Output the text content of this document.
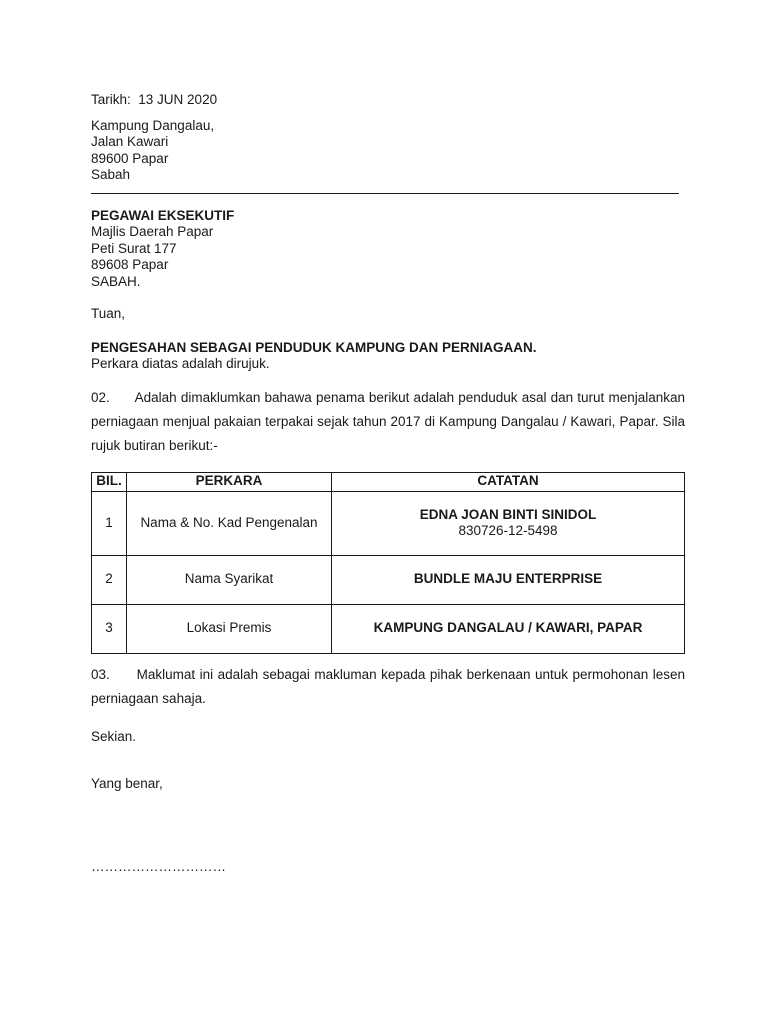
Tarikh: 13 JUN 2020

Kampung Dangalau,

Jalan Kawari

89600 Papar

Sabah

PEGAWAI EKSEKUTIF

Majlis Daerah Papar

Peti Surat 177

89608 Papar

SABAH.

Tuan,

PENGESAHAN SEBAGAI PENDUDUK KAMPUNG DAN PERNIAGAAN.

Perkara diatas adalah dirujuk.

02.      Adalah dimaklumkan bahawa penama berikut adalah penduduk asal dan turut menjalankan perniagaan menjual pakaian terpakai sejak tahun 2017 di Kampung Dangalau / Kawari, Papar. Sila rujuk butiran berikut:-

BIL.	PERKARA	CATATAN
1	Nama & No. Kad Pengenalan	EDNA JOAN BINTI SINIDOL
830726-12-5498

2	Nama Syarikat	BUNDLE MAJU ENTERPRISE
3	Lokasi Premis	KAMPUNG DANGALAU / KAWARI, PAPAR

03.      Maklumat ini adalah sebagai makluman kepada pihak berkenaan untuk permohonan lesen perniagaan sahaja.

Sekian.

Yang benar,

…………………………
